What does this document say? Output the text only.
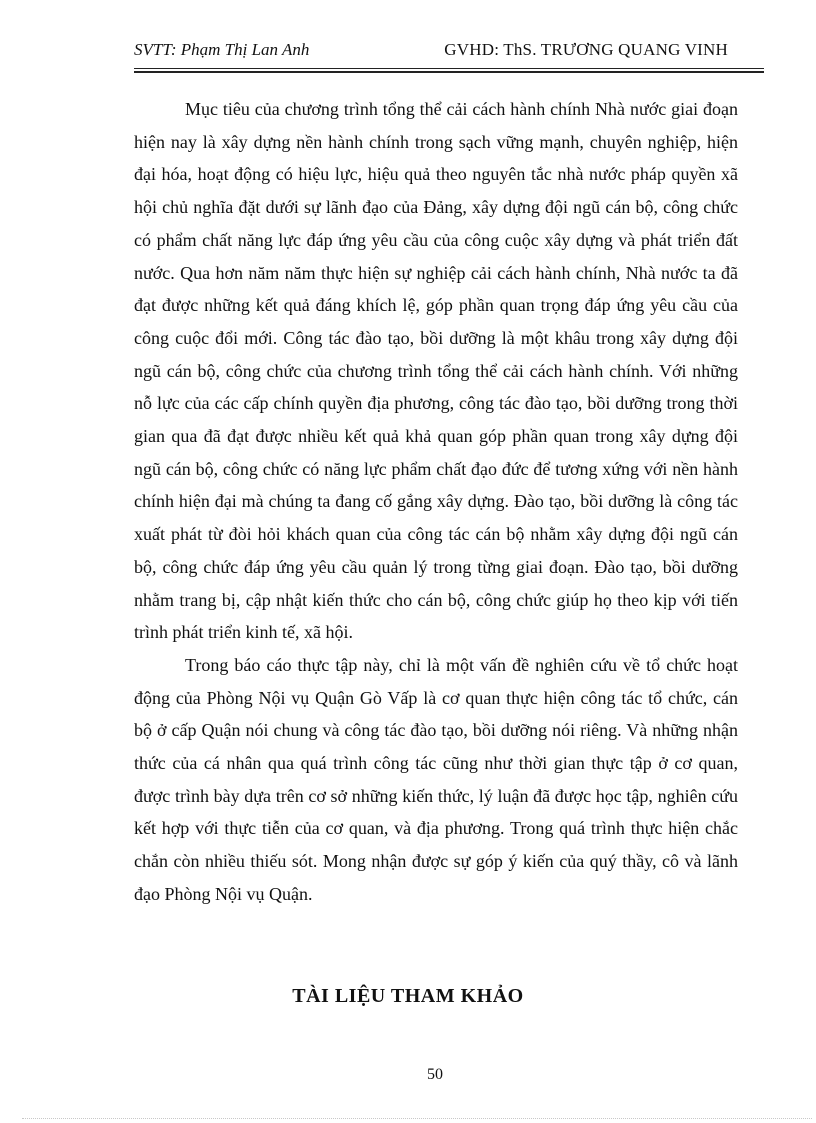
SVTT: Phạm Thị Lan Anh	GVHD: ThS. TRƯƠNG QUANG VINH

Mục tiêu của chương trình tổng thể cải cách hành chính Nhà nước giai đoạn hiện nay là xây dựng nền hành chính trong sạch vững mạnh, chuyên nghiệp, hiện đại hóa, hoạt động có hiệu lực, hiệu quả theo nguyên tắc nhà nước pháp quyền xã hội chủ nghĩa đặt dưới sự lãnh đạo của Đảng, xây dựng đội ngũ cán bộ, công chức có phẩm chất năng lực đáp ứng yêu cầu của công cuộc xây dựng và phát triển đất nước. Qua hơn năm năm thực hiện sự nghiệp cải cách hành chính, Nhà nước ta đã đạt được những kết quả đáng khích lệ, góp phần quan trọng đáp ứng yêu cầu của công cuộc đổi mới. Công tác đào tạo, bồi dưỡng là một khâu trong xây dựng đội ngũ cán bộ, công chức của chương trình tổng thể cải cách hành chính. Với những nỗ lực của các cấp chính quyền địa phương, công tác đào tạo, bồi dưỡng trong thời gian qua đã đạt được nhiều kết quả khả quan góp phần quan trong xây dựng đội ngũ cán bộ, công chức có năng lực phẩm chất đạo đức để tương xứng với nền hành chính hiện đại mà chúng ta đang cố gắng xây dựng. Đào tạo, bồi dưỡng là công tác xuất phát từ đòi hỏi khách quan của công tác cán bộ nhằm xây dựng đội ngũ cán bộ, công chức đáp ứng yêu cầu quản lý trong từng giai đoạn. Đào tạo, bồi dưỡng nhằm trang bị, cập nhật kiến thức cho cán bộ, công chức giúp họ theo kịp với tiến trình phát triển kinh tế, xã hội.

Trong báo cáo thực tập này, chỉ là một vấn đề nghiên cứu về tổ chức hoạt động của Phòng Nội vụ Quận Gò Vấp là cơ quan thực hiện công tác tổ chức, cán bộ ở cấp Quận nói chung và công tác đào tạo, bồi dưỡng nói riêng. Và những nhận thức của cá nhân qua quá trình công tác cũng như thời gian thực tập ở cơ quan, được trình bày dựa trên cơ sở những kiến thức, lý luận đã được học tập, nghiên cứu kết hợp với thực tiễn của cơ quan, và địa phương. Trong quá trình thực hiện chắc chắn còn nhiều thiếu sót. Mong nhận được sự góp ý kiến của quý thầy, cô và lãnh đạo Phòng Nội vụ Quận.

TÀI LIỆU THAM KHẢO
50
